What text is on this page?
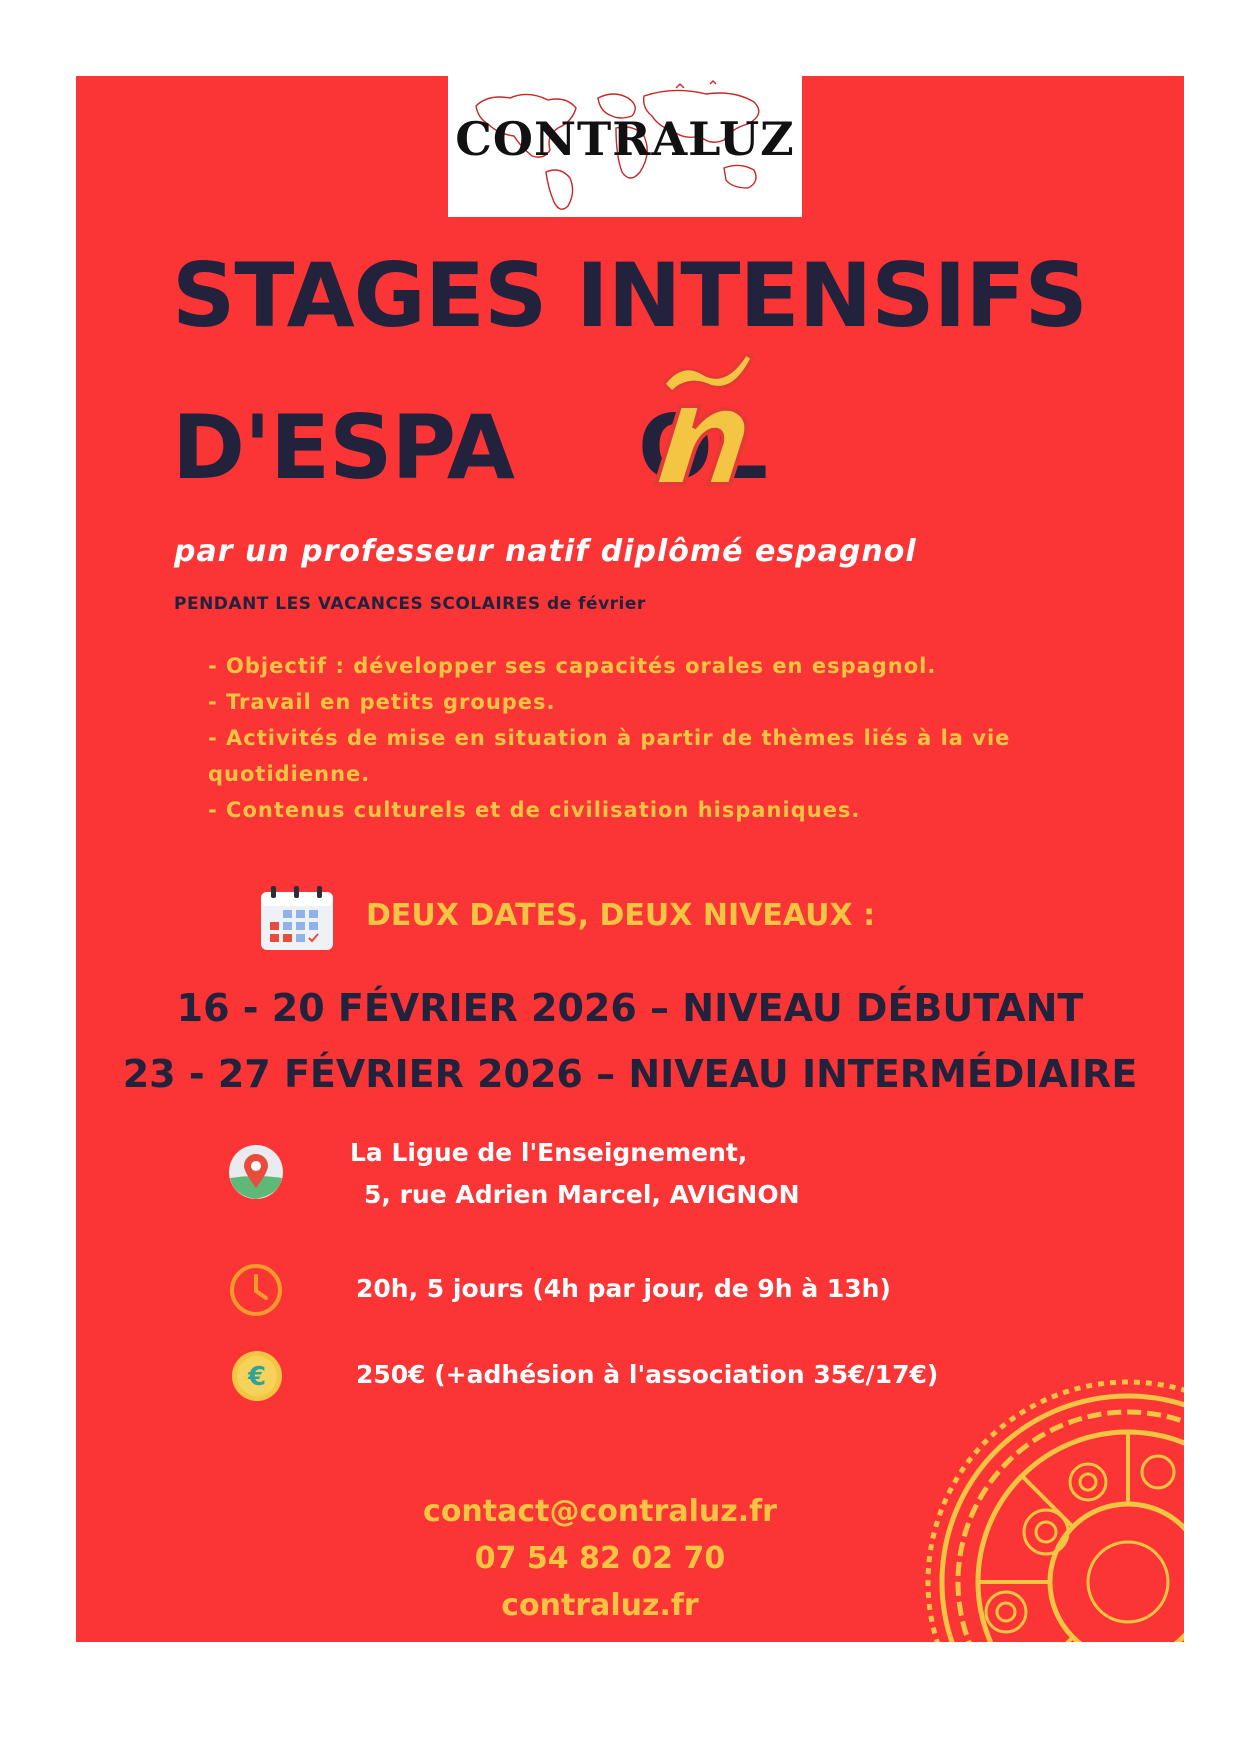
CONTRALUZ
STAGES INTENSIFS
D'ESPA OL
par un professeur natif diplômé espagnol
PENDANT LES VACANCES SCOLAIRES de février
- Objectif : développer ses capacités orales en espagnol.
- Travail en petits groupes.
- Activités de mise en situation à partir de thèmes liés à la vie quotidienne.
- Contenus culturels et de civilisation hispaniques.
DEUX DATES, DEUX NIVEAUX :
16 - 20 FÉVRIER 2026 – NIVEAU DÉBUTANT
23 - 27 FÉVRIER 2026 – NIVEAU INTERMÉDIAIRE
La Ligue de l'Enseignement,
5, rue Adrien Marcel, AVIGNON
20h, 5 jours (4h par jour, de 9h à 13h)
€	250€ (+adhésion à l'association 35€/17€)
contact@contraluz.fr
07 54 82 02 70
contraluz.fr
